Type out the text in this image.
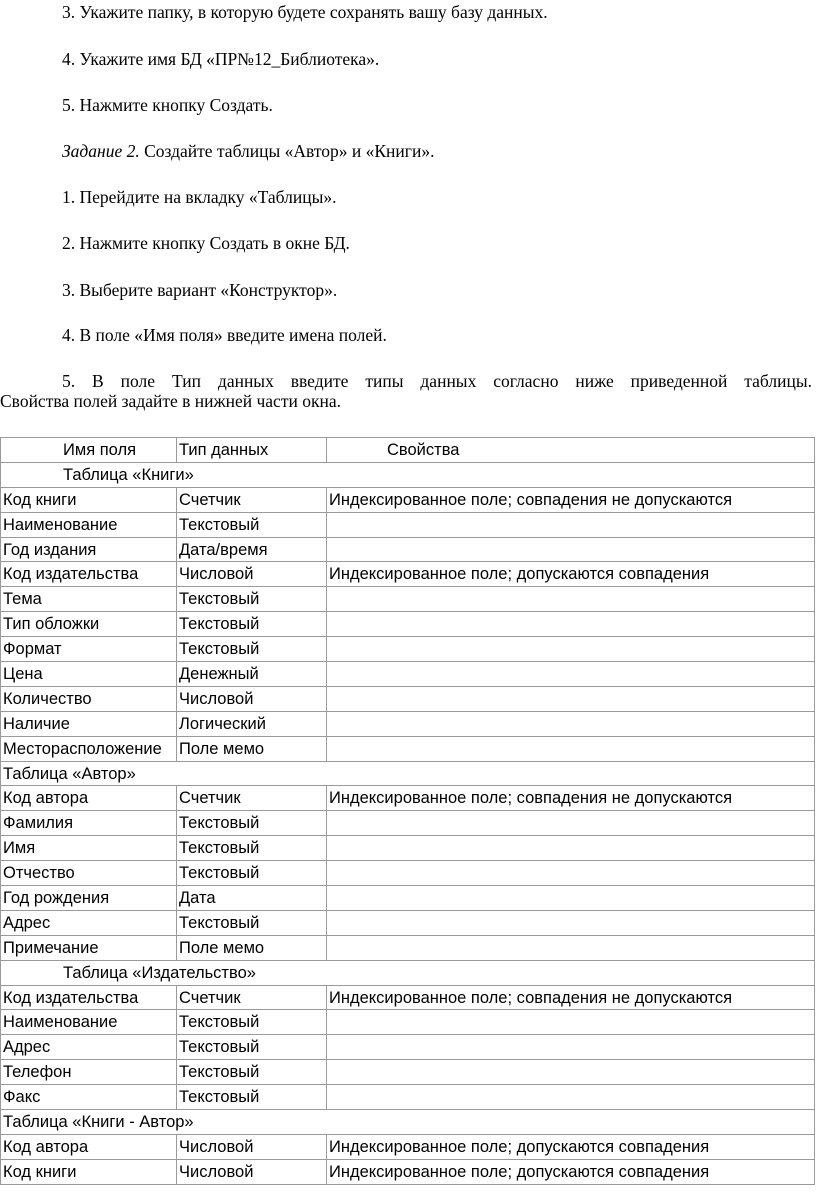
3. Укажите папку, в которую будете сохранять вашу базу данных.
4. Укажите имя БД «ПР№12_Библиотека».
5. Нажмите кнопку Создать.
Задание 2. Создайте таблицы «Автор» и «Книги».
1. Перейдите на вкладку «Таблицы».
2. Нажмите кнопку Создать в окне БД.
3. Выберите вариант «Конструктор».
4. В поле «Имя поля» введите имена полей.
5. В поле Тип данных введите типы данных согласно ниже приведенной таблицы.
Свойства полей задайте в нижней части окна.
Имя поля	Тип данных	Свойства
Таблица «Книги»		
Код книги	Счетчик	Индексированное поле; совпадения не допускаются
Наименование	Текстовый	
Год издания	Дата/время	
Код издательства	Числовой	Индексированное поле; допускаются совпадения
Тема	Текстовый	
Тип обложки	Текстовый	
Формат	Текстовый	
Цена	Денежный	
Количество	Числовой	
Наличие	Логический	
Месторасположение	Поле мемо	
Таблица «Автор»		
Код автора	Счетчик	Индексированное поле; совпадения не допускаются
Фамилия	Текстовый	
Имя	Текстовый	
Отчество	Текстовый	
Год рождения	Дата	
Адрес	Текстовый	
Примечание	Поле мемо	
Таблица «Издательство»		
Код издательства	Счетчик	Индексированное поле; совпадения не допускаются
Наименование	Текстовый	
Адрес	Текстовый	
Телефон	Текстовый	
Факс	Текстовый	
Таблица «Книги - Автор»		
Код автора	Числовой	Индексированное поле; допускаются совпадения
Код книги	Числовой	Индексированное поле; допускаются совпадения
